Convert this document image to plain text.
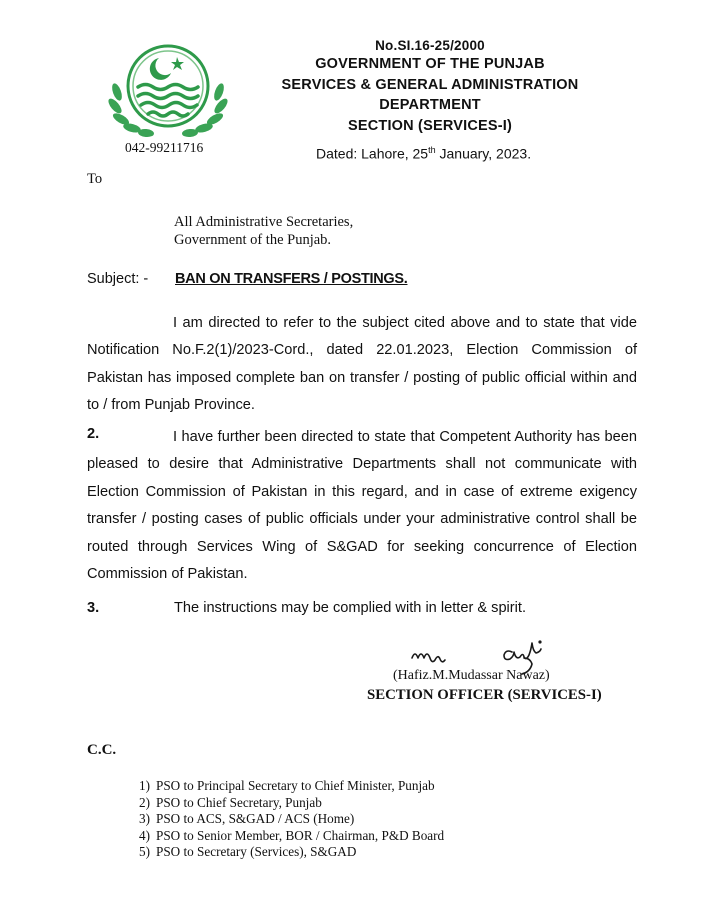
No.SI.16-25/2000
GOVERNMENT OF THE PUNJAB
SERVICES & GENERAL ADMINISTRATION
DEPARTMENT
SECTION (SERVICES-I)
042-99211716	Dated: Lahore, 25th January, 2023.
To
All Administrative Secretaries,
Government of the Punjab.
Subject: - BAN ON TRANSFERS / POSTINGS.
I am directed to refer to the subject cited above and to state that vide Notification No.F.2(1)/2023-Cord., dated 22.01.2023, Election Commission of Pakistan has imposed complete ban on transfer / posting of public official within and to / from Punjab Province.
2.	I have further been directed to state that Competent Authority has been pleased to desire that Administrative Departments shall not communicate with Election Commission of Pakistan in this regard, and in case of extreme exigency transfer / posting cases of public officials under your administrative control shall be routed through Services Wing of S&GAD for seeking concurrence of Election Commission of Pakistan.
3.	The instructions may be complied with in letter & spirit.
(Hafiz.M.Mudassar Nawaz)
SECTION OFFICER (SERVICES-I)
C.C.
1) PSO to Principal Secretary to Chief Minister, Punjab
2) PSO to Chief Secretary, Punjab
3) PSO to ACS, S&GAD / ACS (Home)
4) PSO to Senior Member, BOR / Chairman, P&D Board
5) PSO to Secretary (Services), S&GAD
